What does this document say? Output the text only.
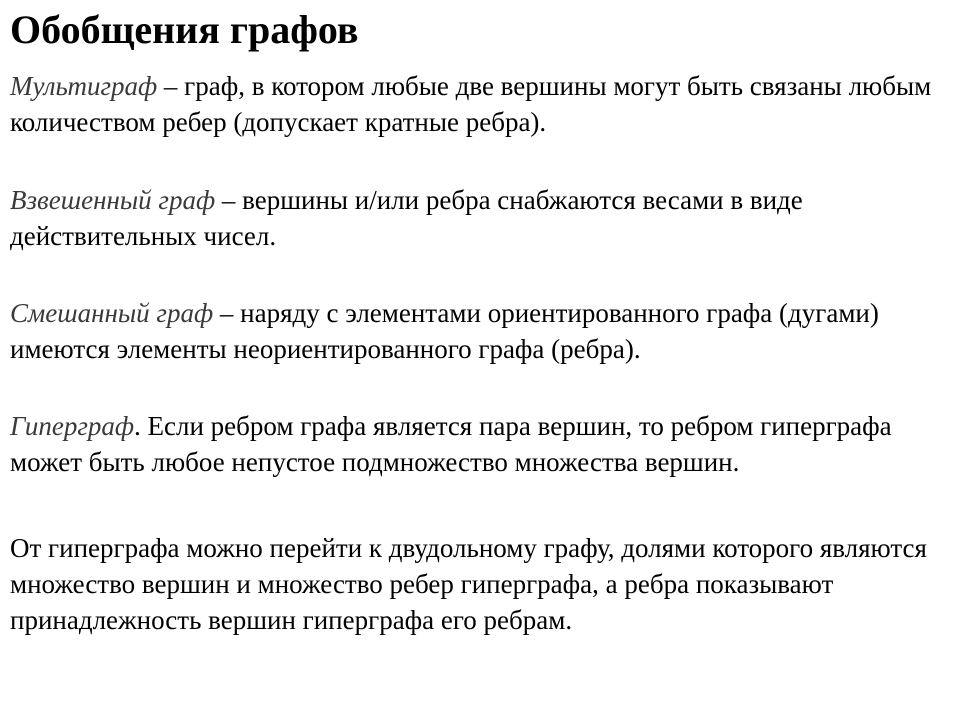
Обобщения графов

Мультиграф – граф, в котором любые две вершины могут быть связаны любым количеством ребер (допускает кратные ребра).

Взвешенный граф – вершины и/или ребра снабжаются весами в виде действительных чисел.

Смешанный граф – наряду с элементами ориентированного графа (дугами) имеются элементы неориентированного графа (ребра).

Гиперграф. Если ребром графа является пара вершин, то ребром гиперграфа может быть любое непустое подмножество множества вершин.

От гиперграфа можно перейти к двудольному графу, долями которого являются множество вершин и множество ребер гиперграфа, а ребра показывают принадлежность вершин гиперграфа его ребрам.
